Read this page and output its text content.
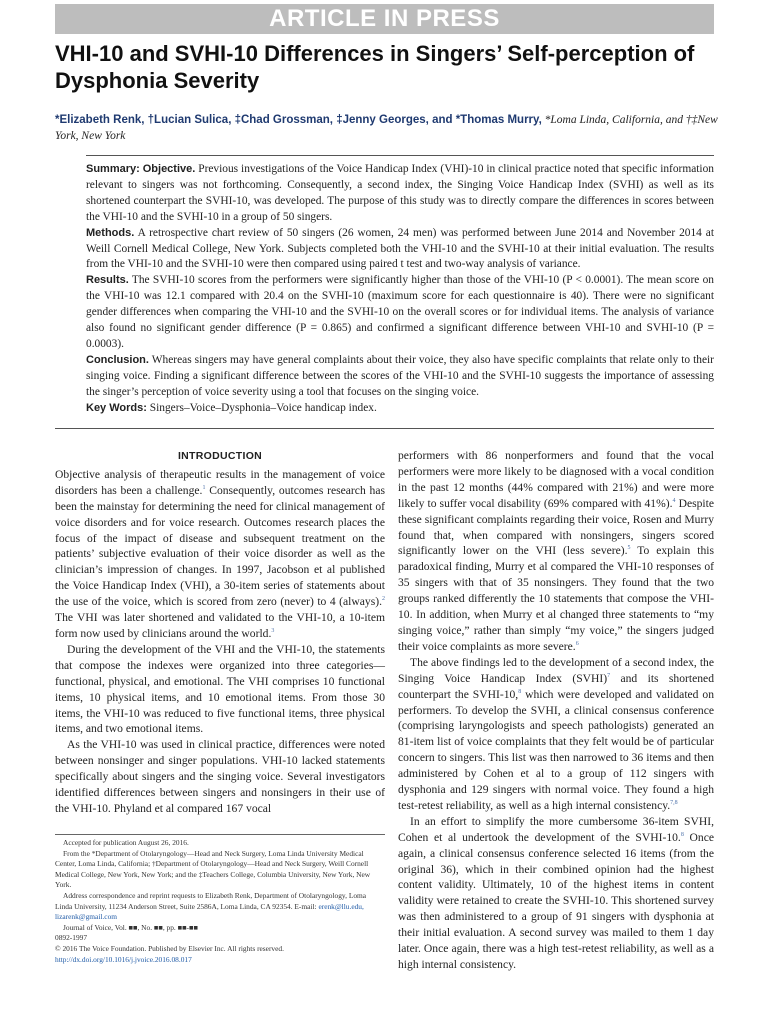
ARTICLE IN PRESS
VHI-10 and SVHI-10 Differences in Singers’ Self-perception of Dysphonia Severity
*Elizabeth Renk, †Lucian Sulica, ‡Chad Grossman, ‡Jenny Georges, and *Thomas Murry, *Loma Linda, California, and †‡New York, New York

Summary: Objective. Previous investigations of the Voice Handicap Index (VHI)-10 in clinical practice noted that specific information relevant to singers was not forthcoming. Consequently, a second index, the Singing Voice Handicap Index (SVHI) as well as its shortened counterpart the SVHI-10, was developed. The purpose of this study was to directly compare the differences in scores between the VHI-10 and the SVHI-10 in a group of 50 singers.

Methods. A retrospective chart review of 50 singers (26 women, 24 men) was performed between June 2014 and November 2014 at Weill Cornell Medical College, New York. Subjects completed both the VHI-10 and the SVHI-10 at their initial evaluation. The results from the VHI-10 and the SVHI-10 were then compared using paired t test and two-way analysis of variance.

Results. The SVHI-10 scores from the performers were significantly higher than those of the VHI-10 (P < 0.0001). The mean score on the VHI-10 was 12.1 compared with 20.4 on the SVHI-10 (maximum score for each questionnaire is 40). There were no significant gender differences when comparing the VHI-10 and the SVHI-10 on the overall scores or for individual items. The analysis of variance also found no significant gender difference (P = 0.865) and confirmed a significant difference between VHI-10 and SVHI-10 (P = 0.0003).

Conclusion. Whereas singers may have general complaints about their voice, they also have specific complaints that relate only to their singing voice. Finding a significant difference between the scores of the VHI-10 and the SVHI-10 suggests the importance of assessing the singer’s perception of voice severity using a tool that focuses on the singing voice.

Key Words: Singers–Voice–Dysphonia–Voice handicap index.

INTRODUCTION

Objective analysis of therapeutic results in the management of voice disorders has been a challenge.$^1$ Consequently, outcomes research has been the mainstay for determining the need for clinical management of voice disorders and for voice research. Outcomes research places the focus of the impact of disease and subsequent treatment on the patients’ subjective evaluation of their voice disorder as well as the clinician’s impression of changes. In 1997, Jacobson et al published the Voice Handicap Index (VHI), a 30-item series of statements about the use of the voice, which is scored from zero (never) to 4 (always).$^2$ The VHI was later shortened and validated to the VHI-10, a 10-item form now used by clinicians around the world.$^3$

During the development of the VHI and the VHI-10, the statements that compose the indexes were organized into three categories—functional, physical, and emotional. The VHI comprises 10 functional items, 10 physical items, and 10 emotional items. From those 30 items, the VHI-10 was reduced to five functional items, three physical items, and two emotional items.

As the VHI-10 was used in clinical practice, differences were noted between nonsinger and singer populations. VHI-10 lacked statements specifically about singers and the singing voice. Several investigators identified differences between singers and nonsingers in their use of the VHI-10. Phyland et al compared 167 vocal

performers with 86 nonperformers and found that the vocal performers were more likely to be diagnosed with a vocal condition in the past 12 months (44% compared with 21%) and were more likely to suffer vocal disability (69% compared with 41%).$^4$ Despite these significant complaints regarding their voice, Rosen and Murry found that, when compared with nonsingers, singers scored significantly lower on the VHI (less severe).$^5$ To explain this paradoxical finding, Murry et al compared the VHI-10 responses of 35 singers with that of 35 nonsingers. They found that the two groups ranked differently the 10 statements that compose the VHI-10. In addition, when Murry et al changed three statements to “my singing voice,” rather than simply “my voice,” the singers judged their voice complaints as more severe.$^6$

The above findings led to the development of a second index, the Singing Voice Handicap Index (SVHI)$^7$ and its shortened counterpart the SVHI-10,$^8$ which were developed and validated on performers. To develop the SVHI, a clinical consensus conference (comprising laryngologists and speech pathologists) generated an 81-item list of voice complaints that they felt would be of particular concern to singers. This list was then narrowed to 36 items and then administered by Cohen et al to a group of 112 singers with dysphonia and 129 singers with normal voice. They found a high test-retest reliability, as well as a high internal consistency.$^{7,8}$

In an effort to simplify the more cumbersome 36-item SVHI, Cohen et al undertook the development of the SVHI-10.$^8$ Once again, a clinical consensus conference selected 16 items (from the original 36), which in their combined opinion had the highest content validity. Ultimately, 10 of the highest items in content validity were retained to create the SVHI-10. This shortened survey was then administered to a group of 91 singers with dysphonia at their initial evaluation. A second survey was mailed to them 1 day later. Once again, there was a high test-retest reliability, as well as a high internal consistency.

Accepted for publication August 26, 2016.
From the *Department of Otolaryngology—Head and Neck Surgery, Loma Linda University Medical Center, Loma Linda, California; †Department of Otolaryngology—Head and Neck Surgery, Weill Cornell Medical College, New York, New York; and the ‡Teachers College, Columbia University, New York, New York.
Address correspondence and reprint requests to Elizabeth Renk, Department of Otolaryngology, Loma Linda University, 11234 Anderson Street, Suite 2586A, Loma Linda, CA 92354. E-mail: erenk@llu.edu, lizarenk@gmail.com
Journal of Voice, Vol. ■■, No. ■■, pp. ■■-■■
0892-1997
© 2016 The Voice Foundation. Published by Elsevier Inc. All rights reserved.
http://dx.doi.org/10.1016/j.jvoice.2016.08.017
